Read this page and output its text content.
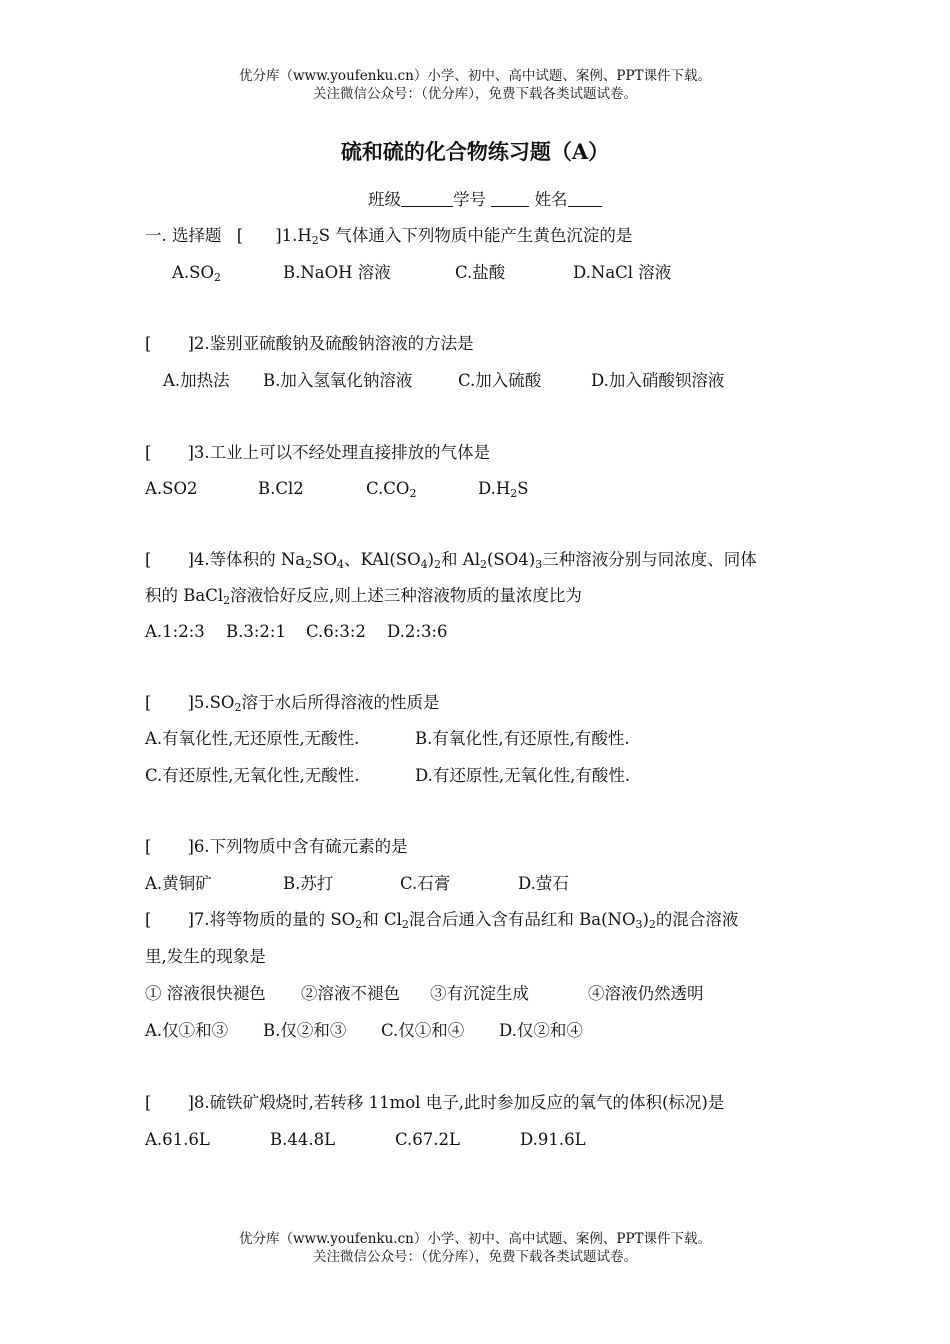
优分库（www.youfenku.cn）小学、初中、高中试题、案例、PPT课件下载。
关注微信公众号：（优分库），免费下载各类试题试卷。
硫和硫的化合物练习题（A）
班级	学号	姓名
一. 选择题 [ ]$1.H_2S$ 气体通入下列物质中能产生黄色沉淀的是
$A.SO_2$	B.NaOH 溶液	C.盐酸	D.NaCl 溶液
[ ]2.鉴别亚硫酸钠及硫酸钠溶液的方法是
A.加热法 B.加入氢氧化钠溶液	C.加入硫酸	D.加入硝酸钡溶液
[ ]3.工业上可以不经处理直接排放的气体是
A.SO2	B.Cl2	$C.CO_2$	$D.H_2S$
[ ]4.等体积的 $Na_2SO_4$、$KAl(SO_4)_2$和 $Al_2(SO4)_3$三种溶液分别与同浓度、同体
积的 BaCl$_2$溶液恰好反应,则上述三种溶液物质的量浓度比为
A.1:2:3 B.3:2:1 C.6:3:2 D.2:3:6
[ ]$5.SO_2$溶于水后所得溶液的性质是
A.有氧化性,无还原性,无酸性.	B.有氧化性,有还原性,有酸性.
C.有还原性,无氧化性,无酸性.	D.有还原性,无氧化性,有酸性.
[ ]6.下列物质中含有硫元素的是
A.黄铜矿	B.苏打	C.石膏	D.萤石
[ ]7.将等物质的量的 $SO_2$和 $Cl_2$混合后通入含有品红和 $Ba(NO_3)_2$的混合溶液
里,发生的现象是
① 溶液很快褪色 ②溶液不褪色 ③有沉淀生成	④溶液仍然透明
A.仅①和③ B.仅②和③ C.仅①和④ D.仅②和④
[ ]8.硫铁矿煅烧时,若转移 11mol 电子,此时参加反应的氧气的体积(标况)是
A.61.6L	B.44.8L	C.67.2L	D.91.6L
优分库（www.youfenku.cn）小学、初中、高中试题、案例、PPT课件下载。
关注微信公众号：（优分库），免费下载各类试题试卷。
